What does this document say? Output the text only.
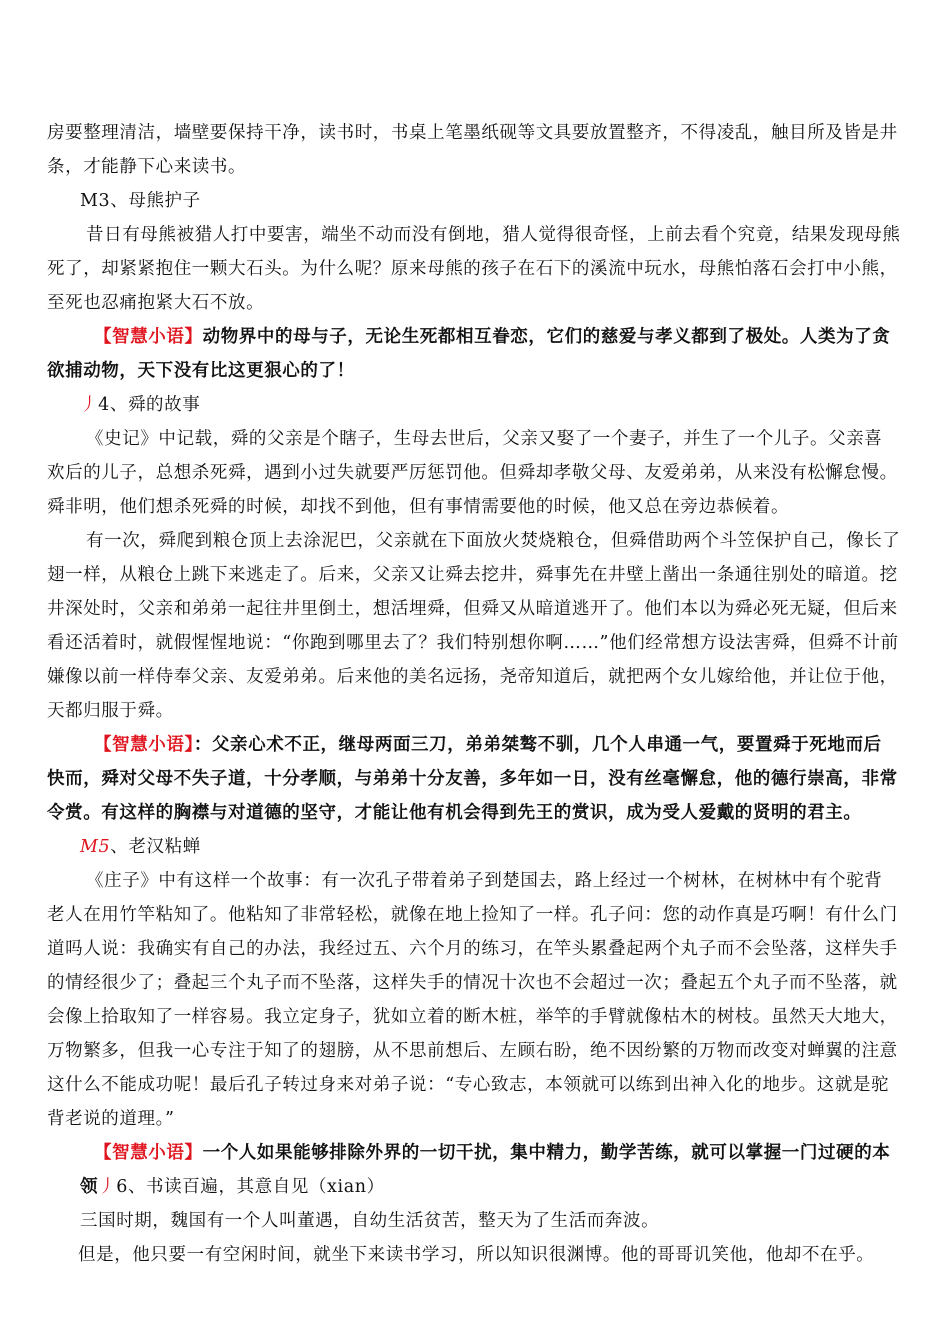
房要整理清洁，墙壁要保持干净，读书时，书桌上笔墨纸砚等文具要放置整齐，不得凌乱，触目所及皆是井
条，才能静下心来读书。
M3、母熊护子
昔日有母熊被猎人打中要害，端坐不动而没有倒地，猎人觉得很奇怪，上前去看个究竟，结果发现母熊
死了，却紧紧抱住一颗大石头。为什么呢？原来母熊的孩子在石下的溪流中玩水，母熊怕落石会打中小熊，
至死也忍痛抱紧大石不放。
【智慧小语】动物界中的母与子，无论生死都相互眷恋，它们的慈爱与孝义都到了极处。人类为了贪
欲捕动物，天下没有比这更狠心的了！
丿4、舜的故事
《史记》中记载，舜的父亲是个瞎子，生母去世后，父亲又娶了一个妻子，并生了一个儿子。父亲喜
欢后的儿子，总想杀死舜，遇到小过失就要严厉惩罚他。但舜却孝敬父母、友爱弟弟，从来没有松懈怠慢。
舜非明，他们想杀死舜的时候，却找不到他，但有事情需要他的时候，他又总在旁边恭候着。
有一次，舜爬到粮仓顶上去涂泥巴，父亲就在下面放火焚烧粮仓，但舜借助两个斗笠保护自己，像长了
翅一样，从粮仓上跳下来逃走了。后来，父亲又让舜去挖井，舜事先在井壁上凿出一条通往别处的暗道。挖
井深处时，父亲和弟弟一起往井里倒土，想活埋舜，但舜又从暗道逃开了。他们本以为舜必死无疑，但后来
看还活着时，就假惺惺地说：“你跑到哪里去了？我们特别想你啊……”他们经常想方设法害舜，但舜不计前
嫌像以前一样侍奉父亲、友爱弟弟。后来他的美名远扬，尧帝知道后，就把两个女儿嫁给他，并让位于他，
天都归服于舜。
【智慧小语】：父亲心术不正，继母两面三刀，弟弟桀骜不驯，几个人串通一气，要置舜于死地而后
快而，舜对父母不失子道，十分孝顺，与弟弟十分友善，多年如一日，没有丝毫懈怠，他的德行崇高，非常
令赏。有这样的胸襟与对道德的坚守，才能让他有机会得到先王的赏识，成为受人爱戴的贤明的君主。
M5、老汉粘蝉
《庄子》中有这样一个故事：有一次孔子带着弟子到楚国去，路上经过一个树林，在树林中有个驼背
老人在用竹竿粘知了。他粘知了非常轻松，就像在地上捡知了一样。孔子问：您的动作真是巧啊！有什么门
道吗人说：我确实有自己的办法，我经过五、六个月的练习，在竿头累叠起两个丸子而不会坠落，这样失手
的情经很少了；叠起三个丸子而不坠落，这样失手的情况十次也不会超过一次；叠起五个丸子而不坠落，就
会像上拾取知了一样容易。我立定身子，犹如立着的断木桩，举竿的手臂就像枯木的树枝。虽然天大地大，
万物繁多，但我一心专注于知了的翅膀，从不思前想后、左顾右盼，绝不因纷繁的万物而改变对蝉翼的注意
这什么不能成功呢！最后孔子转过身来对弟子说：“专心致志，本领就可以练到出神入化的地步。这就是驼
背老说的道理。”
【智慧小语】一个人如果能够排除外界的一切干扰，集中精力，勤学苦练，就可以掌握一门过硬的本
领丿6、书读百遍，其意自见（xian）
三国时期，魏国有一个人叫董遇，自幼生活贫苦，整天为了生活而奔波。
但是，他只要一有空闲时间，就坐下来读书学习，所以知识很渊博。他的哥哥讥笑他，他却不在乎。
